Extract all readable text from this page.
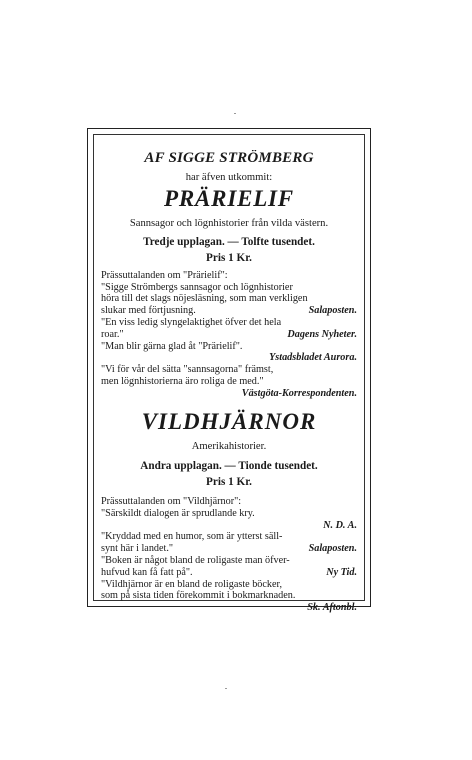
AF SIGGE STRÖMBERG
har äfven utkommit:
PRÄRIELIF
Sannsagor och lögnhistorier från vilda västern.
Tredje upplagan. — Tolfte tusendet.
Pris 1 Kr.
Prässuttalanden om "Prärielif":
"Sigge Strömbergs sannsagor och lögnhistorier
höra till det slags nöjesläsning, som man verkligen
slukar med förtjusning.	Salaposten.
"En viss ledig slyngelaktighet öfver det hela
roar."	Dagens Nyheter.
"Man blir gärna glad åt "Prärielif".
Ystadsbladet Aurora.
"Vi för vår del sätta "sannsagorna" främst,
men lögnhistorierna äro roliga de med."
Västgöta-Korrespondenten.
VILDHJÄRNOR
Amerikahistorier.
Andra upplagan. — Tionde tusendet.
Pris 1 Kr.
Prässuttalanden om "Vildhjärnor":
"Särskildt dialogen är sprudlande kry.
N. D. A.
"Kryddad med en humor, som är ytterst säll-
synt här i landet."	Salaposten.
"Boken är något bland de roligaste man öfver-
hufvud kan få fatt på".	Ny Tid.
"Vildhjärnor är en bland de roligaste böcker,
som på sista tiden förekommit i bokmarknaden.
Sk. Aftonbl.
